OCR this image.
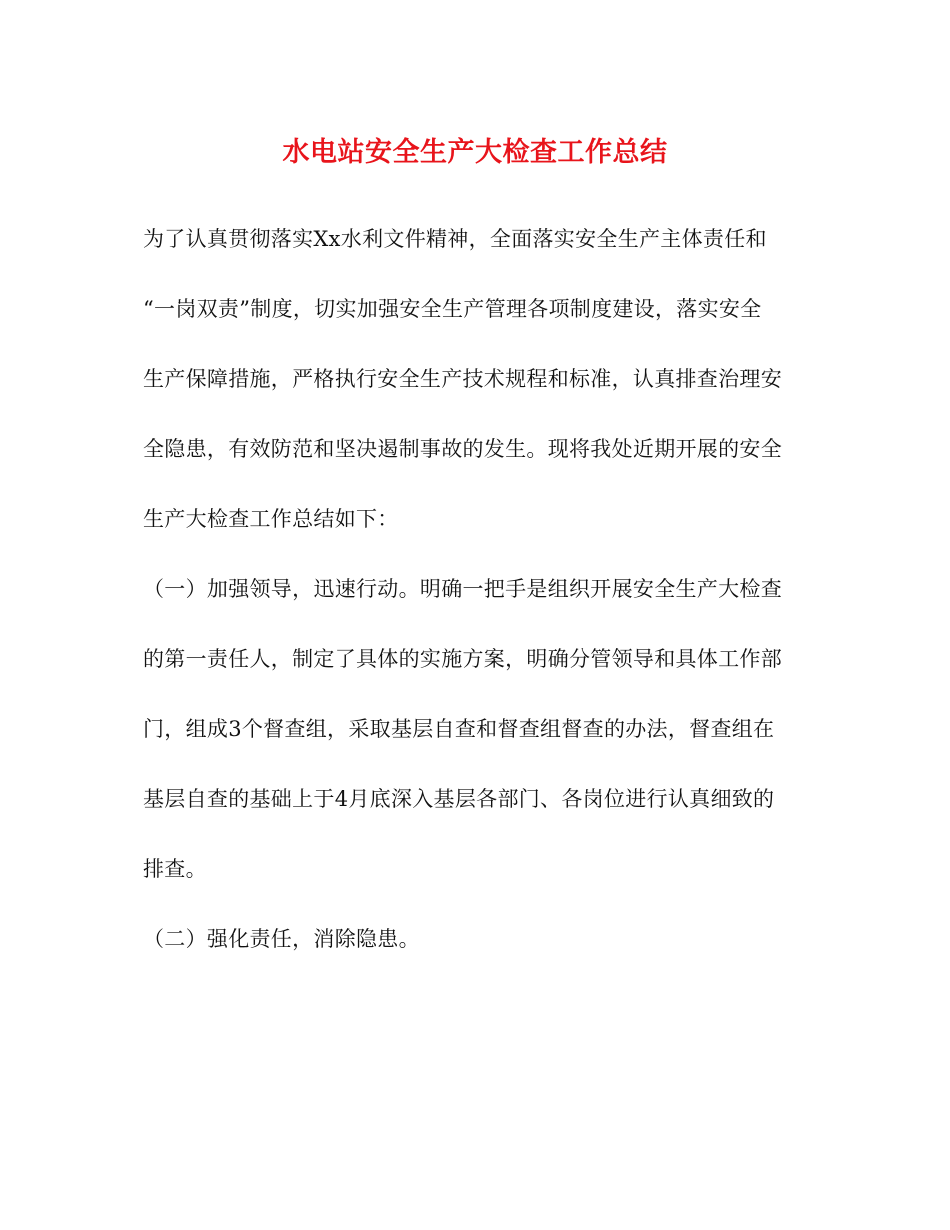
水电站安全生产大检查工作总结
为了认真贯彻落实Xx水利文件精神，全面落实安全生产主体责任和
“一岗双责”制度，切实加强安全生产管理各项制度建设，落实安全
生产保障措施，严格执行安全生产技术规程和标准，认真排查治理安
全隐患，有效防范和坚决遏制事故的发生。现将我处近期开展的安全
生产大检查工作总结如下：
（一）加强领导，迅速行动。明确一把手是组织开展安全生产大检查
的第一责任人，制定了具体的实施方案，明确分管领导和具体工作部
门，组成3个督查组，采取基层自查和督查组督查的办法，督查组在
基层自查的基础上于4月底深入基层各部门、各岗位进行认真细致的
排查。
（二）强化责任，消除隐患。
